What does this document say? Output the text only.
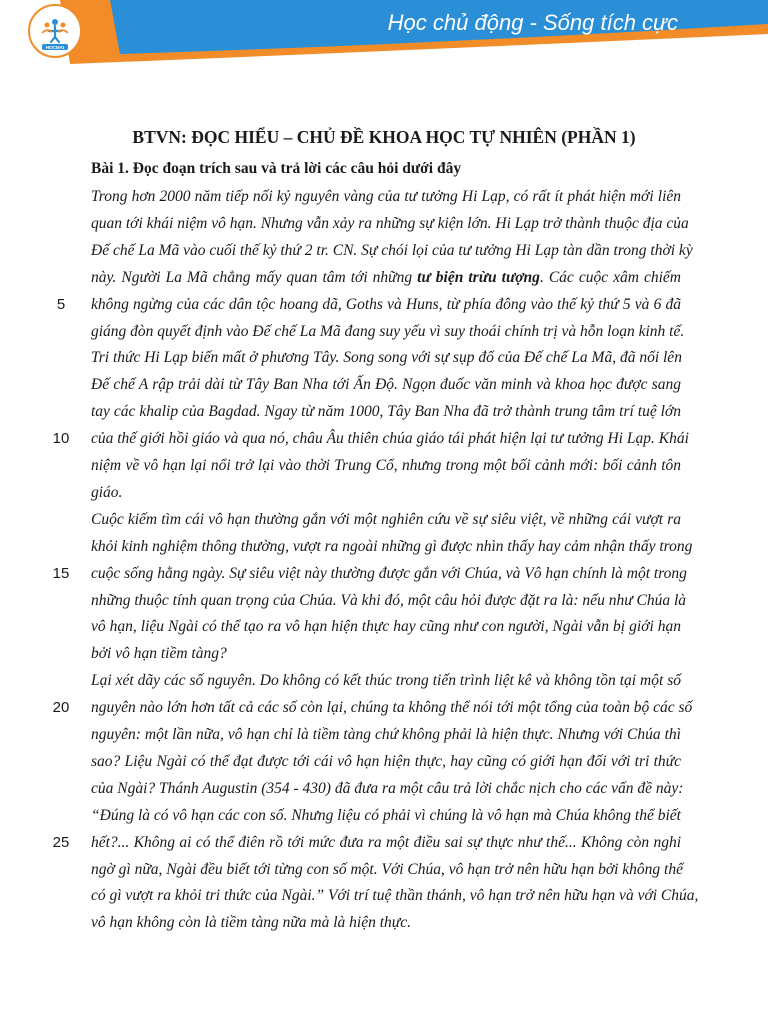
HOCMAI
Học chủ động - Sống tích cực
BTVN: ĐỌC HIỂU – CHỦ ĐỀ KHOA HỌC TỰ NHIÊN (PHẦN 1)
Bài 1. Đọc đoạn trích sau và trả lời các câu hỏi dưới đây
Trong hơn 2000 năm tiếp nối kỷ nguyên vàng của tư tưởng Hi Lạp, có rất ít phát hiện mới liên
quan tới khái niệm vô hạn. Nhưng vẫn xảy ra những sự kiện lớn. Hi Lạp trở thành thuộc địa của
Đế chế La Mã vào cuối thế kỷ thứ 2 tr. CN. Sự chói lọi của tư tưởng Hi Lạp tàn dần trong thời kỳ
này. Người La Mã chẳng mấy quan tâm tới những tư biện trừu tượng. Các cuộc xâm chiếm
không ngừng của các dân tộc hoang dã, Goths và Huns, từ phía đông vào thế kỷ thứ 5 và 6 đã
5
giáng đòn quyết định vào Đế chế La Mã đang suy yếu vì suy thoái chính trị và hỗn loạn kinh tế.
Tri thức Hi Lạp biến mất ở phương Tây. Song song với sự sụp đổ của Đế chế La Mã, đã nổi lên
Đế chế A rập trải dài từ Tây Ban Nha tới Ấn Độ. Ngọn đuốc văn minh và khoa học được sang
tay các khalip của Bagdad. Ngay từ năm 1000, Tây Ban Nha đã trở thành trung tâm trí tuệ lớn
của thế giới hồi giáo và qua nó, châu Âu thiên chúa giáo tái phát hiện lại tư tưởng Hi Lạp. Khái
10
niệm về vô hạn lại nổi trở lại vào thời Trung Cổ, nhưng trong một bối cảnh mới: bối cảnh tôn
giáo.
Cuộc kiếm tìm cái vô hạn thường gắn với một nghiên cứu về sự siêu việt, về những cái vượt ra
khỏi kinh nghiệm thông thường, vượt ra ngoài những gì được nhìn thấy hay cảm nhận thấy trong
cuộc sống hằng ngày. Sự siêu việt này thường được gắn với Chúa, và Vô hạn chính là một trong
15
những thuộc tính quan trọng của Chúa. Và khi đó, một câu hỏi được đặt ra là: nếu như Chúa là
vô hạn, liệu Ngài có thể tạo ra vô hạn hiện thực hay cũng như con người, Ngài vẫn bị giới hạn
bởi vô hạn tiềm tàng?
Lại xét dãy các số nguyên. Do không có kết thúc trong tiến trình liệt kê và không tồn tại một số
nguyên nào lớn hơn tất cả các số còn lại, chúng ta không thể nói tới một tổng của toàn bộ các số
20
nguyên: một lần nữa, vô hạn chỉ là tiềm tàng chứ không phải là hiện thực. Nhưng với Chúa thì
sao? Liệu Ngài có thể đạt được tới cái vô hạn hiện thực, hay cũng có giới hạn đối với tri thức
của Ngài? Thánh Augustin (354 - 430) đã đưa ra một câu trả lời chắc nịch cho các vấn đề này:
“Đúng là có vô hạn các con số. Nhưng liệu có phải vì chúng là vô hạn mà Chúa không thể biết
hết?... Không ai có thể điên rồ tới mức đưa ra một điều sai sự thực như thế... Không còn nghi
25
ngờ gì nữa, Ngài đều biết tới từng con số một. Với Chúa, vô hạn trở nên hữu hạn bởi không thể
có gì vượt ra khỏi tri thức của Ngài.” Với trí tuệ thần thánh, vô hạn trở nên hữu hạn và với Chúa,
vô hạn không còn là tiềm tàng nữa mà là hiện thực.
